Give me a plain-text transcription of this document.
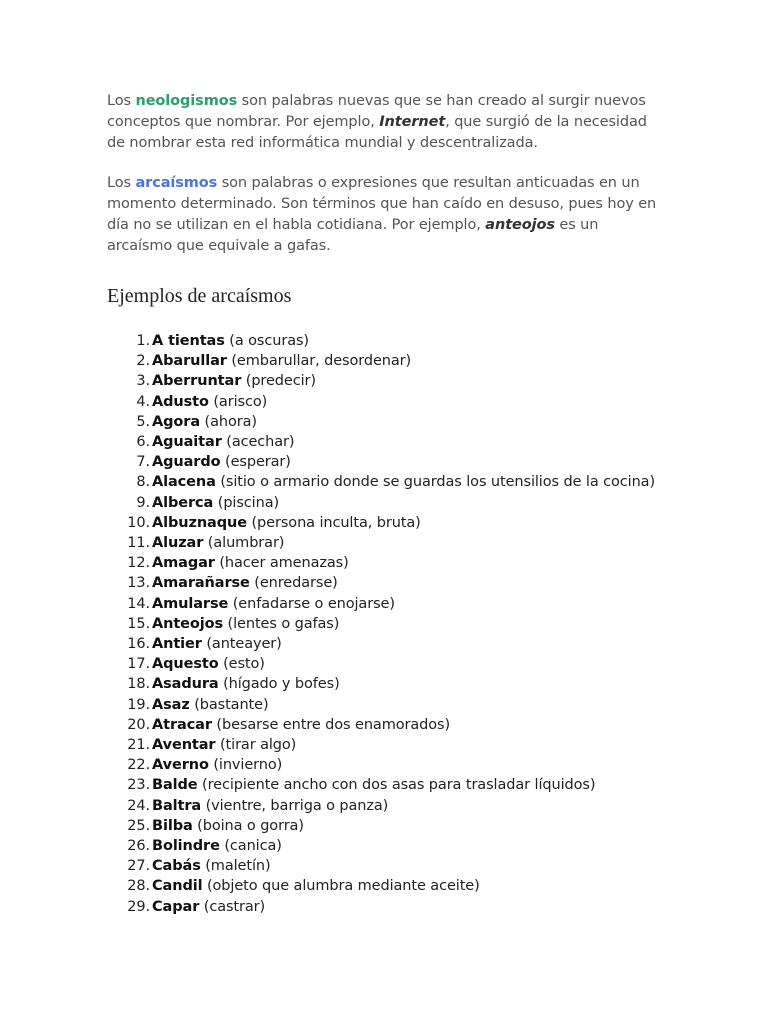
Los neologismos son palabras nuevas que se han creado al surgir nuevos conceptos que nombrar. Por ejemplo, Internet, que surgió de la necesidad de nombrar esta red informática mundial y descentralizada.

Los arcaísmos son palabras o expresiones que resultan anticuadas en un momento determinado. Son términos que han caído en desuso, pues hoy en día no se utilizan en el habla cotidiana. Por ejemplo, anteojos es un arcaísmo que equivale a gafas.

Ejemplos de arcaísmos
1. A tientas (a oscuras)
2. Abarullar (embarullar, desordenar)
3. Aberruntar (predecir)
4. Adusto (arisco)
5. Agora (ahora)
6. Aguaitar (acechar)
7. Aguardo (esperar)
8. Alacena (sitio o armario donde se guardas los utensilios de la cocina)
9. Alberca (piscina)
10. Albuznaque (persona inculta, bruta)
11. Aluzar (alumbrar)
12. Amagar (hacer amenazas)
13. Amarañarse (enredarse)
14. Amularse (enfadarse o enojarse)
15. Anteojos (lentes o gafas)
16. Antier (anteayer)
17. Aquesto (esto)
18. Asadura (hígado y bofes)
19. Asaz (bastante)
20. Atracar (besarse entre dos enamorados)
21. Aventar (tirar algo)
22. Averno (invierno)
23. Balde (recipiente ancho con dos asas para trasladar líquidos)
24. Baltra (vientre, barriga o panza)
25. Bilba (boina o gorra)
26. Bolindre (canica)
27. Cabás (maletín)
28. Candil (objeto que alumbra mediante aceite)
29. Capar (castrar)
